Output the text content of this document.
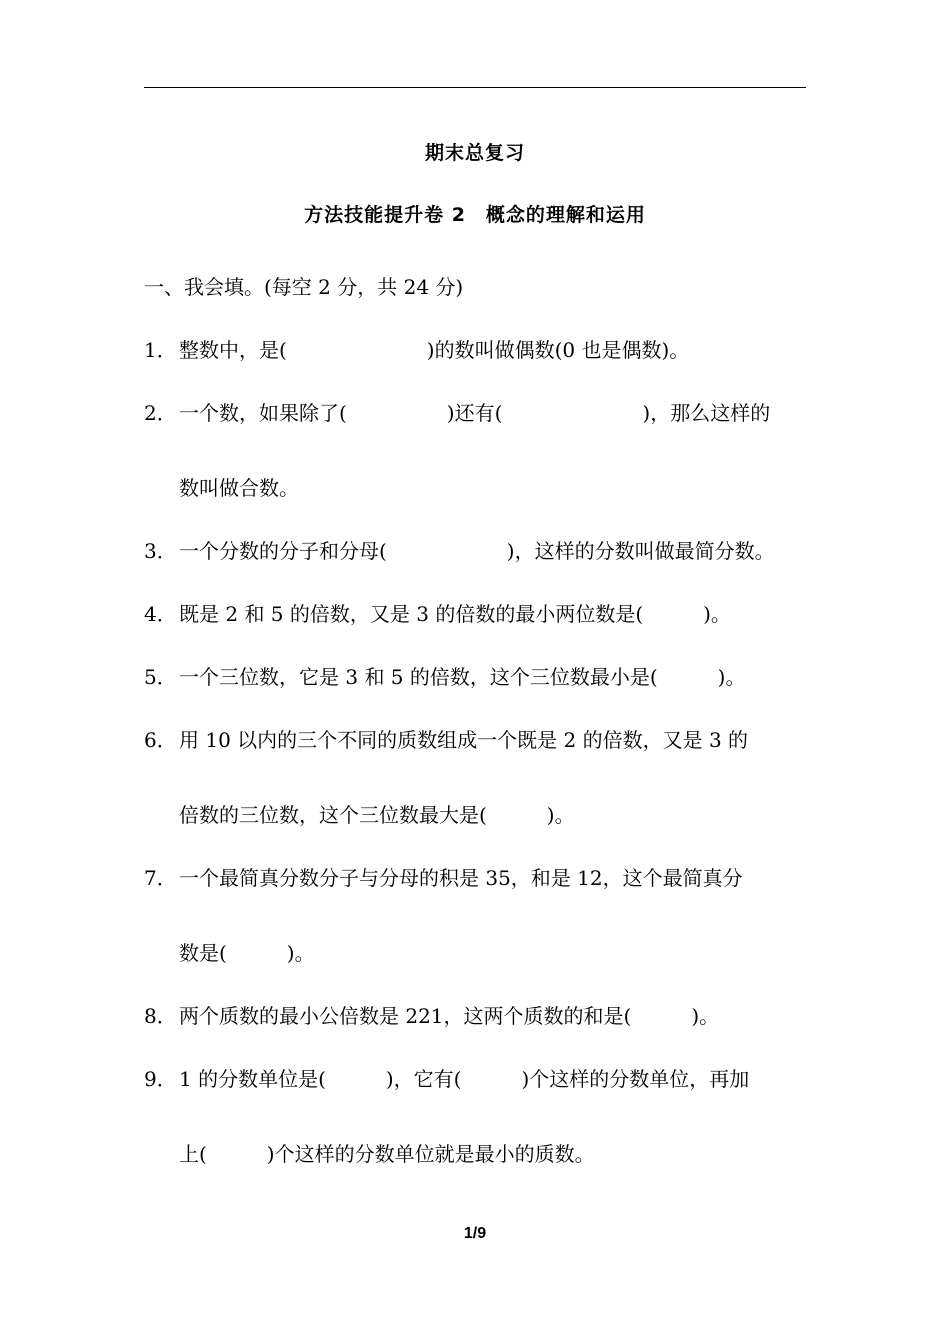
期末总复习
方法技能提升卷 2　概念的理解和运用
一、我会填。(每空 2 分，共 24 分)
1． 整数中，是(　　　　　　　)的数叫做偶数(0 也是偶数)。
2． 一个数，如果除了(　　　　　)还有(　　　　　　　)，那么这样的
数叫做合数。
3． 一个分数的分子和分母(　　　　　　)，这样的分数叫做最简分数。
4． 既是 2 和 5 的倍数，又是 3 的倍数的最小两位数是(　　　)。
5． 一个三位数，它是 3 和 5 的倍数，这个三位数最小是(　　　)。
6． 用 10 以内的三个不同的质数组成一个既是 2 的倍数，又是 3 的
倍数的三位数，这个三位数最大是(　　　)。
7． 一个最简真分数分子与分母的积是 35，和是 12，这个最简真分
数是(　　　)。
8． 两个质数的最小公倍数是 221，这两个质数的和是(　　　)。
9． 1 的分数单位是(　　　)，它有(　　　)个这样的分数单位，再加
上(　　　)个这样的分数单位就是最小的质数。
1/9
